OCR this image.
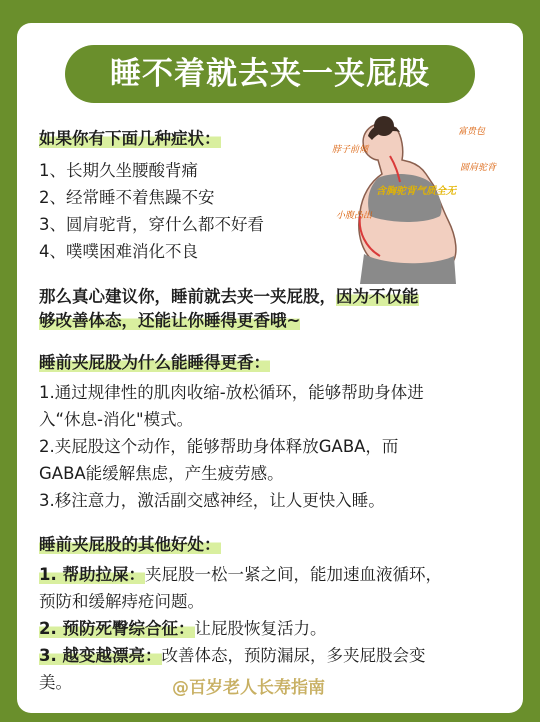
睡不着就去夹一夹屁股
如果你有下面几种症状：
1、长期久坐腰酸背痛
2、经常睡不着焦躁不安
3、圆肩驼背，穿什么都不好看
4、噗噗困难消化不良
富贵包
脖子前倾
圆肩驼背
含胸驼背气质全无
小腹凸出
那么真心建议你，睡前就去夹一夹屁股，因为不仅能
够改善体态，还能让你睡得更香哦~
睡前夹屁股为什么能睡得更香：
1.通过规律性的肌肉收缩-放松循环，能够帮助身体进
入“休息-消化"模式。
2.夹屁股这个动作，能够帮助身体释放GABA，而
GABA能缓解焦虑，产生疲劳感。
3.移注意力，激活副交感神经，让人更快入睡。
睡前夹屁股的其他好处：
1. 帮助拉屎：夹屁股一松一紧之间，能加速血液循环，
预防和缓解痔疮问题。
2. 预防死臀综合征：让屁股恢复活力。
3. 越变越漂亮：改善体态，预防漏尿，多夹屁股会变
美。	@百岁老人长寿指南
